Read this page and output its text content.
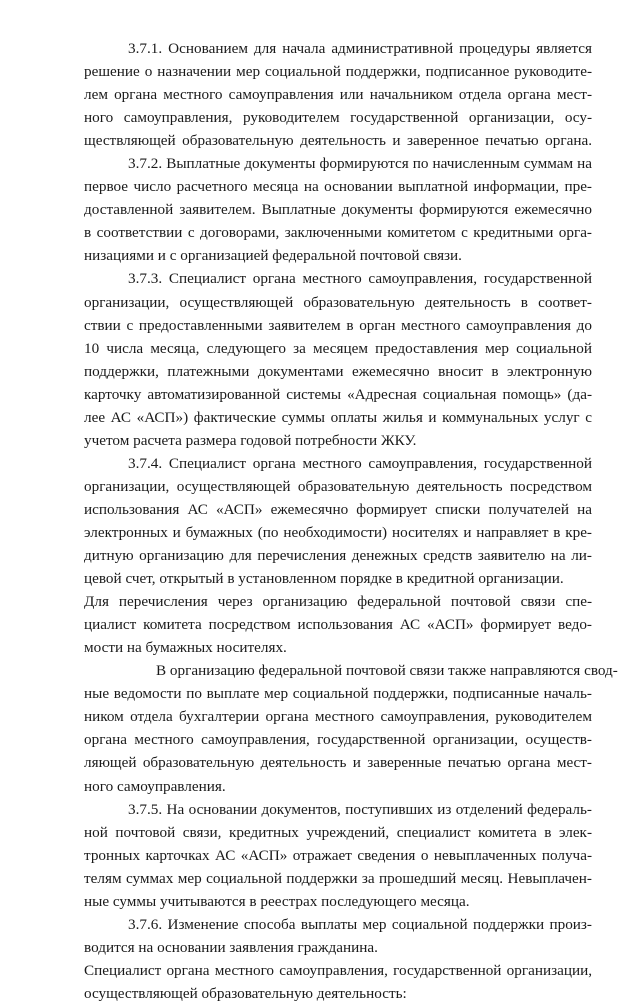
3.7.1. Основанием для начала административной процедуры является
решение о назначении мер социальной поддержки, подписанное руководите-
лем органа местного самоуправления или начальником отдела органа мест-
ного самоуправления, руководителем государственной организации, осу-
ществляющей образовательную деятельность и заверенное печатью органа.
3.7.2. Выплатные документы формируются по начисленным суммам на
первое число расчетного месяца на основании выплатной информации, пре-
доставленной заявителем. Выплатные документы формируются ежемесячно
в соответствии с договорами, заключенными комитетом с кредитными орга-
низациями и с организацией федеральной почтовой связи.
3.7.3. Специалист органа местного самоуправления, государственной
организации, осуществляющей образовательную деятельность в соответ-
ствии с предоставленными заявителем в орган местного самоуправления до
10 числа месяца, следующего за месяцем предоставления мер социальной
поддержки, платежными документами ежемесячно вносит в электронную
карточку автоматизированной системы «Адресная социальная помощь» (да-
лее АС «АСП») фактические суммы оплаты жилья и коммунальных услуг с
учетом расчета размера годовой потребности ЖКУ.
3.7.4. Специалист органа местного самоуправления, государственной
организации, осуществляющей образовательную деятельность посредством
использования АС «АСП» ежемесячно формирует списки получателей на
электронных и бумажных (по необходимости) носителях и направляет в кре-
дитную организацию для перечисления денежных средств заявителю на ли-
цевой счет, открытый в установленном порядке в кредитной организации.
Для перечисления через организацию федеральной почтовой связи спе-
циалист комитета посредством использования АС «АСП» формирует ведо-
мости на бумажных носителях.
В организацию федеральной почтовой связи также направляются свод-
ные ведомости по выплате мер социальной поддержки, подписанные началь-
ником отдела бухгалтерии органа местного самоуправления, руководителем
органа местного самоуправления, государственной организации, осуществ-
ляющей образовательную деятельность и заверенные печатью органа мест-
ного самоуправления.
3.7.5. На основании документов, поступивших из отделений федераль-
ной почтовой связи, кредитных учреждений, специалист комитета в элек-
тронных карточках АС «АСП» отражает сведения о невыплаченных получа-
телям суммах мер социальной поддержки за прошедший месяц. Невыплачен-
ные суммы учитываются в реестрах последующего месяца.
3.7.6. Изменение способа выплаты мер социальной поддержки произ-
водится на основании заявления гражданина.
Специалист органа местного самоуправления, государственной организации,
осуществляющей образовательную деятельность:
